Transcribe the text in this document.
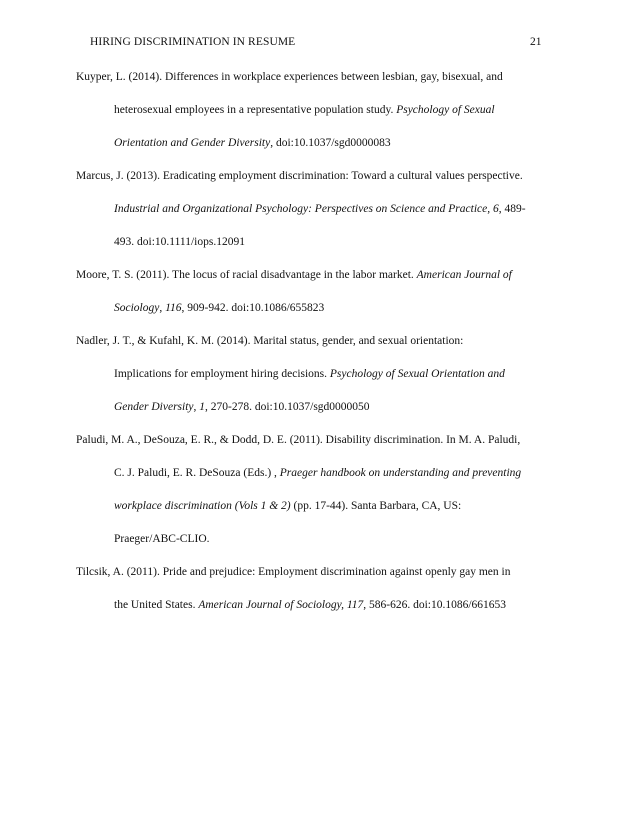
HIRING DISCRIMINATION IN RESUME	21
Kuyper, L. (2014). Differences in workplace experiences between lesbian, gay, bisexual, and
heterosexual employees in a representative population study. Psychology of Sexual
Orientation and Gender Diversity, doi:10.1037/sgd0000083
Marcus, J. (2013). Eradicating employment discrimination: Toward a cultural values perspective.
Industrial and Organizational Psychology: Perspectives on Science and Practice, 6, 489-
493. doi:10.1111/iops.12091
Moore, T. S. (2011). The locus of racial disadvantage in the labor market. American Journal of
Sociology, 116, 909-942. doi:10.1086/655823
Nadler, J. T., & Kufahl, K. M. (2014). Marital status, gender, and sexual orientation:
Implications for employment hiring decisions. Psychology of Sexual Orientation and
Gender Diversity, 1, 270-278. doi:10.1037/sgd0000050
Paludi, M. A., DeSouza, E. R., & Dodd, D. E. (2011). Disability discrimination. In M. A. Paludi,
C. J. Paludi, E. R. DeSouza (Eds.) , Praeger handbook on understanding and preventing
workplace discrimination (Vols 1 & 2) (pp. 17-44). Santa Barbara, CA, US:
Praeger/ABC-CLIO.
Tilcsik, A. (2011). Pride and prejudice: Employment discrimination against openly gay men in
the United States. American Journal of Sociology, 117, 586-626. doi:10.1086/661653
